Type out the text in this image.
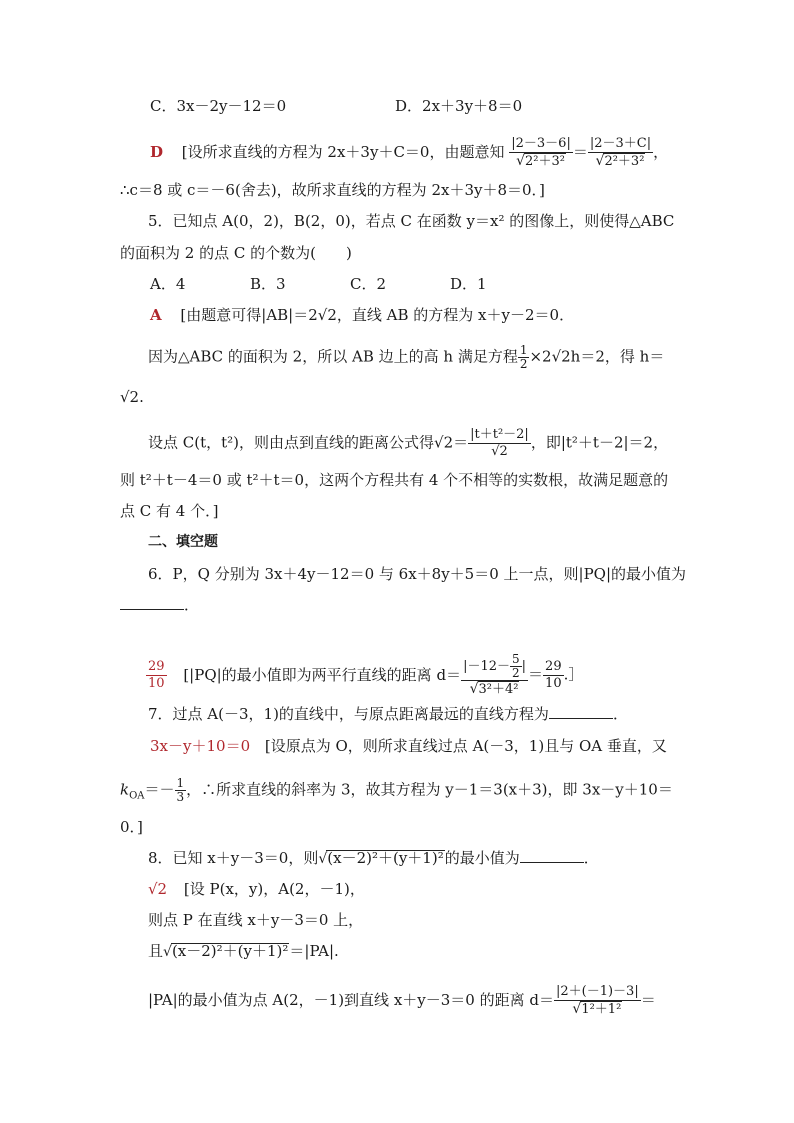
C．3x－2y－12＝0	D．2x＋3y＋8＝0
D [设所求直线的方程为 2x＋3y＋C＝0，由题意知 $\frac{|2-3-6|}{\text{√2²＋3²}} = \frac{|2-3+C|}{\text{√2²＋3²}}$ ，
∴c＝8 或 c＝－6(舍去)，故所求直线的方程为 2x＋3y＋8＝0．]
5．已知点 A(0，2)，B(2，0)，若点 C 在函数 y＝x² 的图像上，则使得△ABC
的面积为 2 的点 C 的个数为(　　)
A．4	B．3	C．2	D．1
A [由题意可得|AB|＝2√2，直线 AB 的方程为 x＋y－2＝0．
因为△ABC 的面积为 2，所以 AB 边上的高 h 满足方程 $\frac{1}{2} \times 2√2h=2$，得 h＝
√2.
设点 C(t，t²)，则由点到直线的距离公式得$√2= \frac{\text{|t＋t²－2|}}{√2}$ ，即|t²＋t－2|＝2，
则 t²＋t－4＝0 或 t²＋t＝0，这两个方程共有 4 个不相等的实数根，故满足题意的
点 C 有 4 个．]
二、填空题
6．P，Q 分别为 3x＋4y－12＝0 与 6x＋8y＋5＝0 上一点，则|PQ|的最小值为
．
$\frac{29}{10} [|PQ|$的最小值即为两平行直线的距离 $d= \frac{|-12- \frac{5}{2} |}{\text{√3²＋4²}} = \frac{29}{10}$ .］
7．过点 A(－3，1)的直线中，与原点距离最远的直线方程为	．
3x－y＋10＝0 [设原点为 O，则所求直线过点 A(－3，1)且与 OA 垂直，又
$k_{OA}=- \frac{1}{3}$ ，∴所求直线的斜率为 3，故其方程为 y－1＝3(x＋3)，即 3x－y＋10＝
0．]
8．已知 x＋y－3＝0，则√(x－2)²＋(y＋1)²的最小值为	．
√2 [设 P(x，y)，A(2，－1)，
则点 P 在直线 x＋y－3＝0 上，
且√(x－2)²＋(y＋1)²＝|PA|.
|PA|的最小值为点 A(2，－1)到直线 x＋y－3＝0 的距离 $d= \frac{|2+(-1)-3|}{\text{√1²＋1²}}$ ＝
